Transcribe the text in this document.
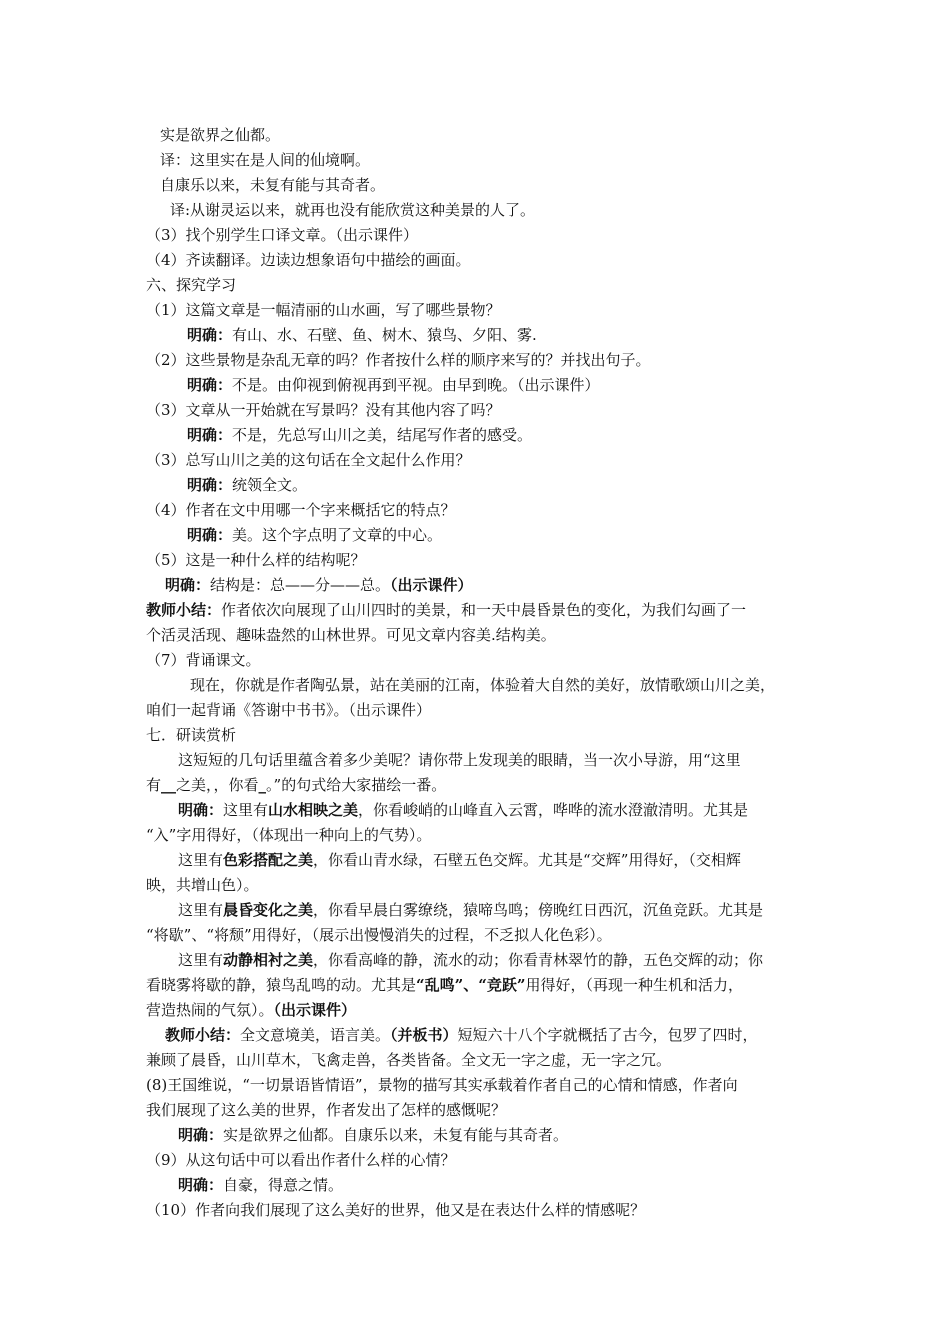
实是欲界之仙都。
译：这里实在是人间的仙境啊。
自康乐以来，未复有能与其奇者。
译:从谢灵运以来，就再也没有能欣赏这种美景的人了。
（3）找个别学生口译文章。（出示课件）
（4）齐读翻译。边读边想象语句中描绘的画面。
六、探究学习
（1）这篇文章是一幅清丽的山水画，写了哪些景物？
明确：有山、水、石壁、鱼、树木、猿鸟、夕阳、雾.
（2）这些景物是杂乱无章的吗？作者按什么样的顺序来写的？并找出句子。
明确：不是。由仰视到俯视再到平视。由早到晚。（出示课件）
（3）文章从一开始就在写景吗？没有其他内容了吗？
明确：不是，先总写山川之美，结尾写作者的感受。
（3）总写山川之美的这句话在全文起什么作用？
明确：统领全文。
（4）作者在文中用哪一个字来概括它的特点？
明确：美。这个字点明了文章的中心。
（5）这是一种什么样的结构呢？
明确：结构是：总——分——总。（出示课件）
教师小结：作者依次向展现了山川四时的美景，和一天中晨昏景色的变化，为我们勾画了一
个活灵活现、趣味盎然的山林世界。可见文章内容美.结构美。
（7）背诵课文。
现在，你就是作者陶弘景，站在美丽的江南，体验着大自然的美好，放情歌颂山川之美，
咱们一起背诵《答谢中书书》。（出示课件）
七．研读赏析
这短短的几句话里蕴含着多少美呢？请你带上发现美的眼睛，当一次小导游，用“这里
有__之美，，你看_。”的句式给大家描绘一番。
明确：这里有山水相映之美，你看峻峭的山峰直入云霄，哗哗的流水澄澈清明。尤其是
“入”字用得好，（体现出一种向上的气势）。
这里有色彩搭配之美，你看山青水绿，石壁五色交辉。尤其是“交辉”用得好，（交相辉
映，共增山色）。
这里有晨昏变化之美，你看早晨白雾缭绕，猿啼鸟鸣；傍晚红日西沉，沉鱼竞跃。尤其是
“将歇”、“将颓”用得好，（展示出慢慢消失的过程，不乏拟人化色彩）。
这里有动静相衬之美，你看高峰的静，流水的动；你看青林翠竹的静，五色交辉的动；你
看晓雾将歇的静，猿鸟乱鸣的动。尤其是“乱鸣”、“竞跃”用得好，（再现一种生机和活力，
营造热闹的气氛）。（出示课件）
教师小结：全文意境美，语言美。（并板书）短短六十八个字就概括了古今，包罗了四时，
兼顾了晨昏，山川草木，飞禽走兽，各类皆备。全文无一字之虚，无一字之冗。
(8)王国维说，“一切景语皆情语”，景物的描写其实承载着作者自己的心情和情感，作者向
我们展现了这么美的世界，作者发出了怎样的感慨呢？
明确：实是欲界之仙都。自康乐以来，未复有能与其奇者。
（9）从这句话中可以看出作者什么样的心情？
明确：自豪，得意之情。
（10）作者向我们展现了这么美好的世界，他又是在表达什么样的情感呢？
